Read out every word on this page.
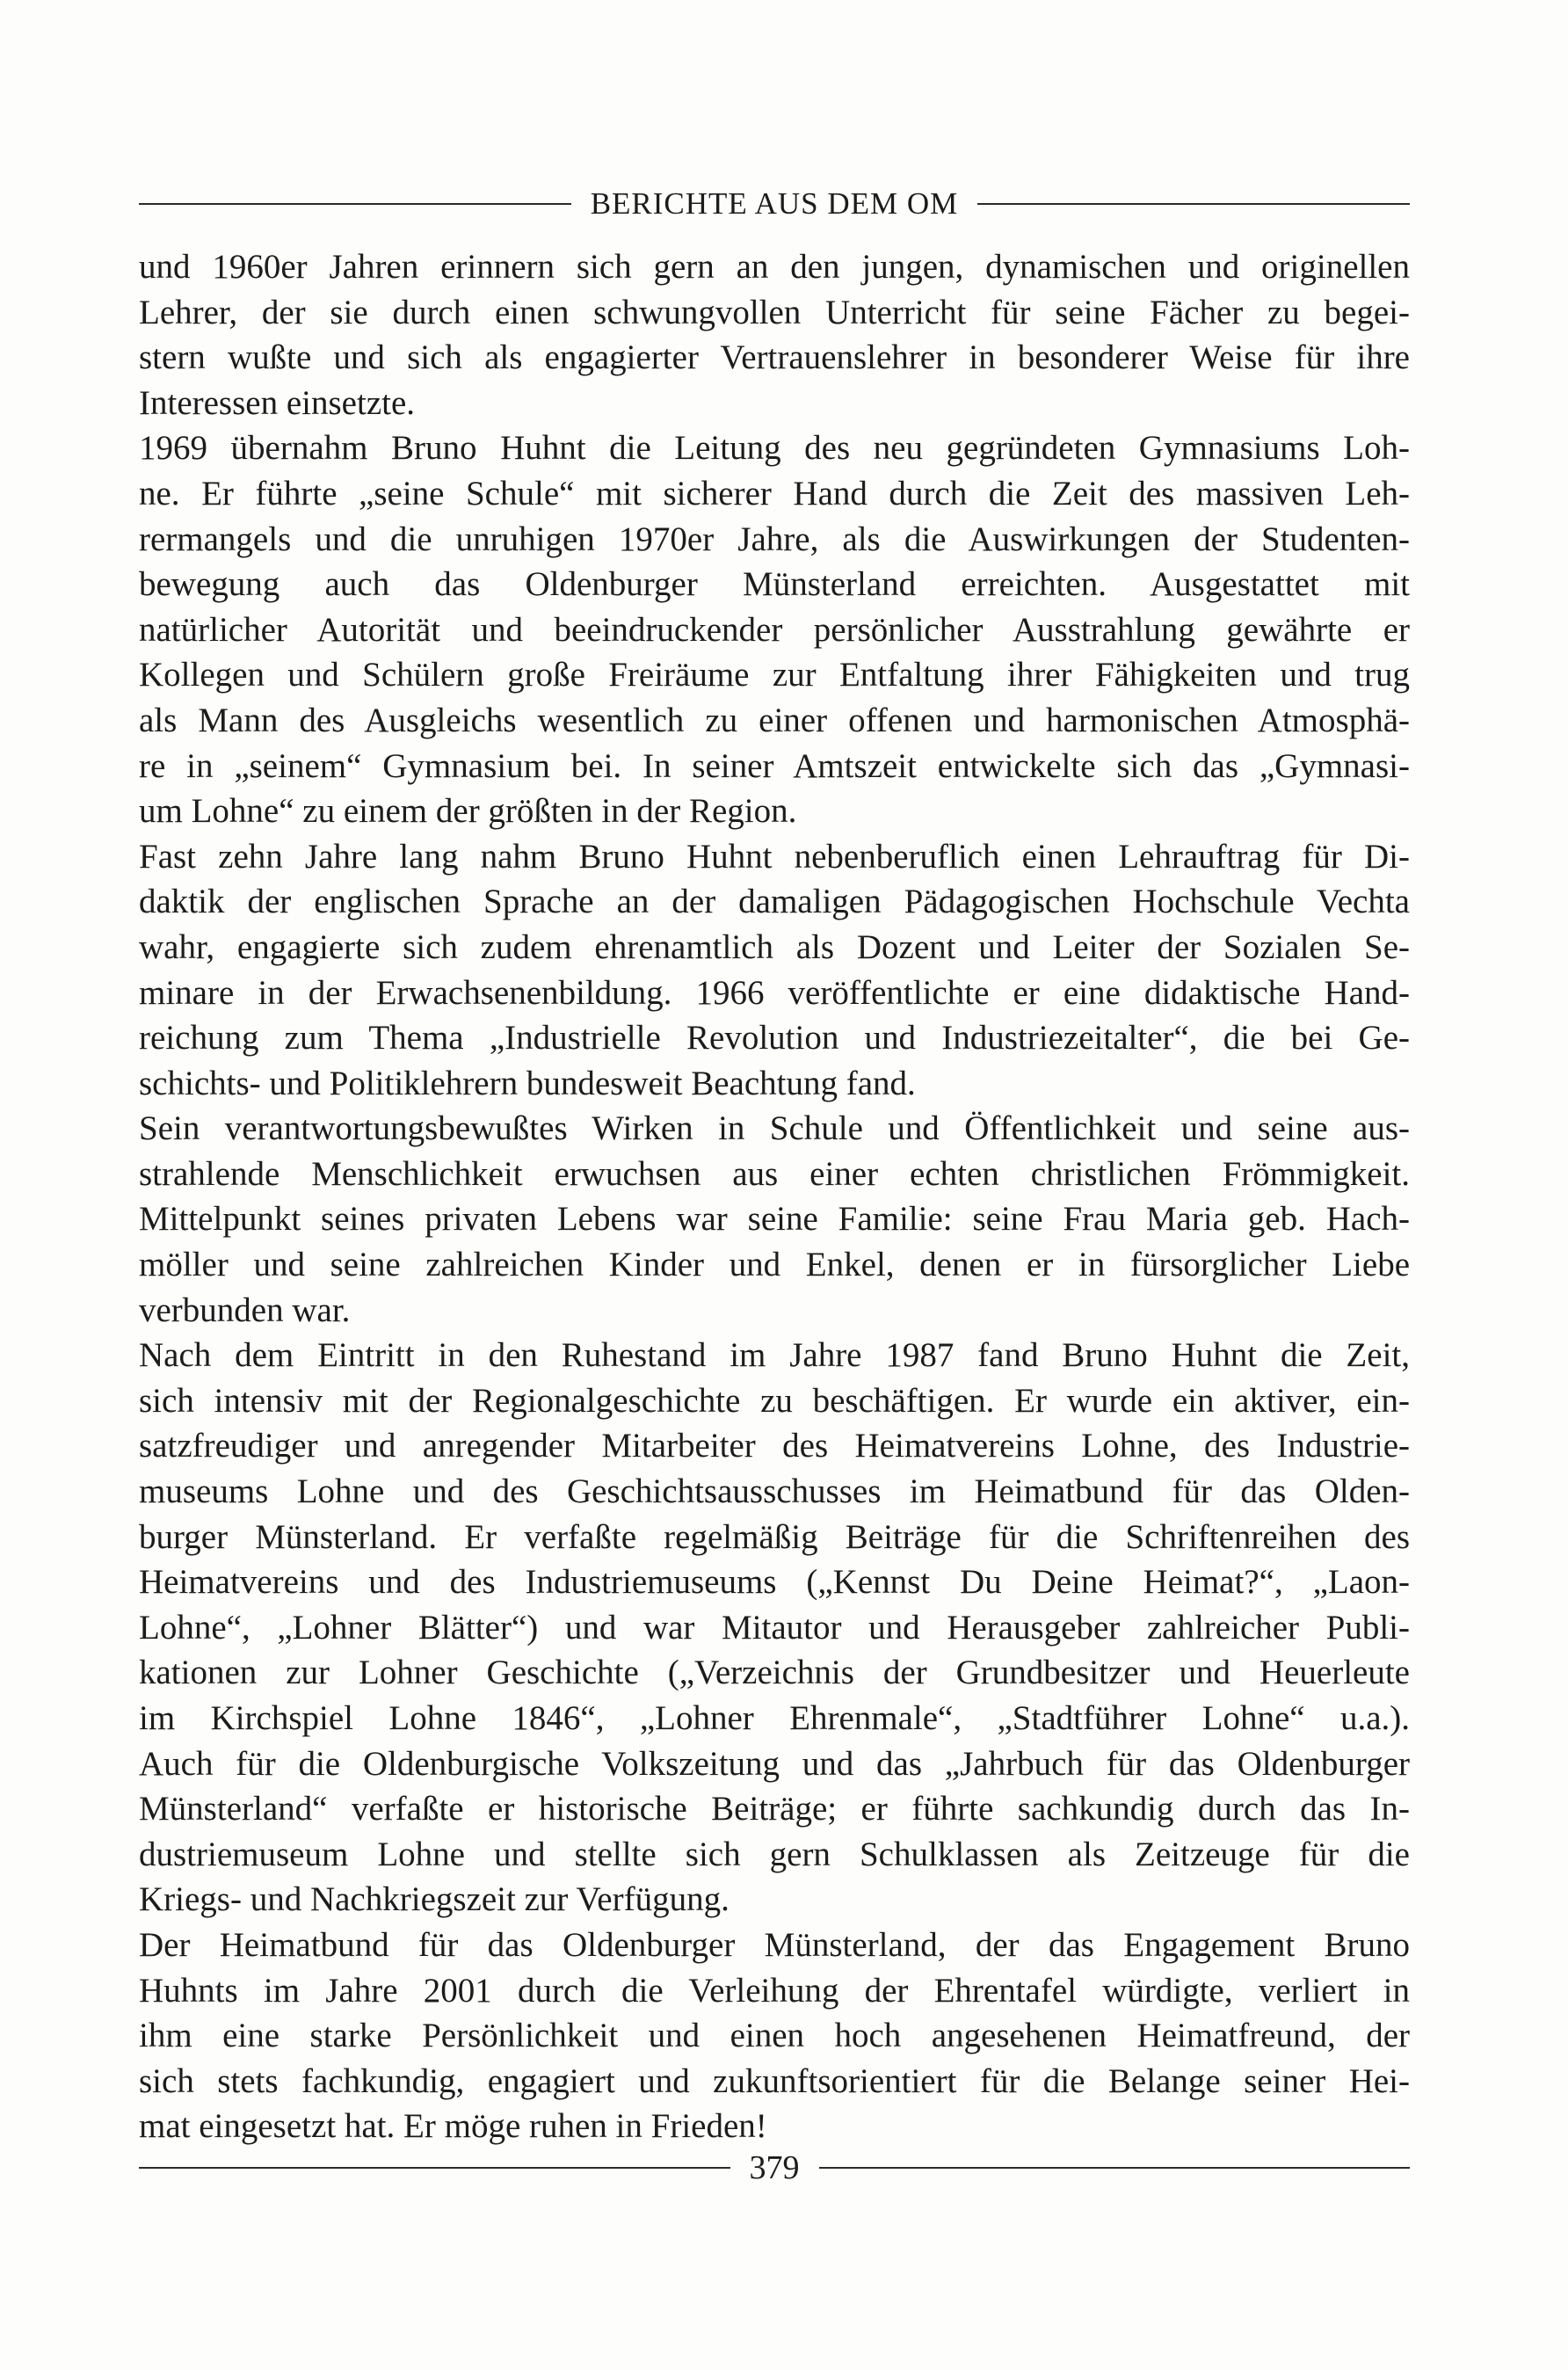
BERICHTE AUS DEM OM

und 1960er Jahren erinnern sich gern an den jungen, dynamischen und originellen
Lehrer, der sie durch einen schwungvollen Unterricht für seine Fächer zu begei-
stern wußte und sich als engagierter Vertrauenslehrer in besonderer Weise für ihre
Interessen einsetzte.

1969 übernahm Bruno Huhnt die Leitung des neu gegründeten Gymnasiums Loh-
ne. Er führte „seine Schule“ mit sicherer Hand durch die Zeit des massiven Leh-
rermangels und die unruhigen 1970er Jahre, als die Auswirkungen der Studenten-
bewegung auch das Oldenburger Münsterland erreichten. Ausgestattet mit
natürlicher Autorität und beeindruckender persönlicher Ausstrahlung gewährte er
Kollegen und Schülern große Freiräume zur Entfaltung ihrer Fähigkeiten und trug
als Mann des Ausgleichs wesentlich zu einer offenen und harmonischen Atmosphä-
re in „seinem“ Gymnasium bei. In seiner Amtszeit entwickelte sich das „Gymnasi-
um Lohne“ zu einem der größten in der Region.

Fast zehn Jahre lang nahm Bruno Huhnt nebenberuflich einen Lehrauftrag für Di-
daktik der englischen Sprache an der damaligen Pädagogischen Hochschule Vechta
wahr, engagierte sich zudem ehrenamtlich als Dozent und Leiter der Sozialen Se-
minare in der Erwachsenenbildung. 1966 veröffentlichte er eine didaktische Hand-
reichung zum Thema „Industrielle Revolution und Industriezeitalter“, die bei Ge-
schichts- und Politiklehrern bundesweit Beachtung fand.

Sein verantwortungsbewußtes Wirken in Schule und Öffentlichkeit und seine aus-
strahlende Menschlichkeit erwuchsen aus einer echten christlichen Frömmigkeit.
Mittelpunkt seines privaten Lebens war seine Familie: seine Frau Maria geb. Hach-
möller und seine zahlreichen Kinder und Enkel, denen er in fürsorglicher Liebe
verbunden war.

Nach dem Eintritt in den Ruhestand im Jahre 1987 fand Bruno Huhnt die Zeit,
sich intensiv mit der Regionalgeschichte zu beschäftigen. Er wurde ein aktiver, ein-
satzfreudiger und anregender Mitarbeiter des Heimatvereins Lohne, des Industrie-
museums Lohne und des Geschichtsausschusses im Heimatbund für das Olden-
burger Münsterland. Er verfaßte regelmäßig Beiträge für die Schriftenreihen des
Heimatvereins und des Industriemuseums („Kennst Du Deine Heimat?“, „Laon-
Lohne“, „Lohner Blätter“) und war Mitautor und Herausgeber zahlreicher Publi-
kationen zur Lohner Geschichte („Verzeichnis der Grundbesitzer und Heuerleute
im Kirchspiel Lohne 1846“, „Lohner Ehrenmale“, „Stadtführer Lohne“ u.a.).
Auch für die Oldenburgische Volkszeitung und das „Jahrbuch für das Oldenburger
Münsterland“ verfaßte er historische Beiträge; er führte sachkundig durch das In-
dustriemuseum Lohne und stellte sich gern Schulklassen als Zeitzeuge für die
Kriegs- und Nachkriegszeit zur Verfügung.

Der Heimatbund für das Oldenburger Münsterland, der das Engagement Bruno
Huhnts im Jahre 2001 durch die Verleihung der Ehrentafel würdigte, verliert in
ihm eine starke Persönlichkeit und einen hoch angesehenen Heimatfreund, der
sich stets fachkundig, engagiert und zukunftsorientiert für die Belange seiner Hei-
mat eingesetzt hat. Er möge ruhen in Frieden!

379
